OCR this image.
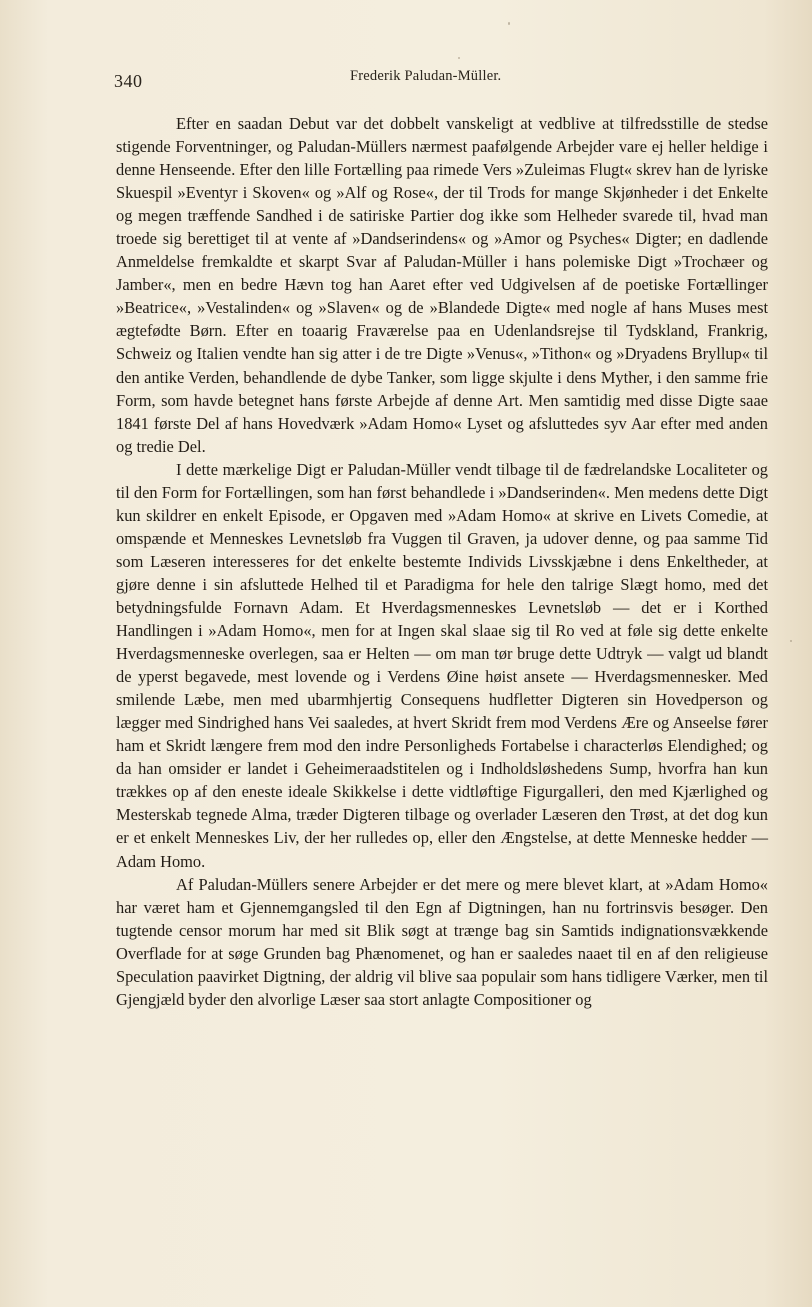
340	Frederik Paludan-Müller.

Efter en saadan Debut var det dobbelt vanskeligt at vedblive at tilfredsstille de stedse stigende Forventninger, og Paludan-Müllers nærmest paafølgende Arbejder vare ej heller heldige i denne Henseende. Efter den lille Fortælling paa rimede Vers »Zuleimas Flugt« skrev han de lyriske Skuespil »Eventyr i Skoven« og »Alf og Rose«, der til Trods for mange Skjønheder i det Enkelte og megen træffende Sandhed i de satiriske Partier dog ikke som Helheder svarede til, hvad man troede sig berettiget til at vente af »Dandserindens« og »Amor og Psyches« Digter; en dadlende Anmeldelse fremkaldte et skarpt Svar af Paludan-Müller i hans polemiske Digt »Trochæer og Jamber«, men en bedre Hævn tog han Aaret efter ved Udgivelsen af de poetiske Fortællinger »Beatrice«, »Vestalinden« og »Slaven« og de »Blandede Digte« med nogle af hans Muses mest ægtefødte Børn. Efter en toaarig Fraværelse paa en Udenlandsrejse til Tydskland, Frankrig, Schweiz og Italien vendte han sig atter i de tre Digte »Venus«, »Tithon« og »Dryadens Bryllup« til den antike Verden, behandlende de dybe Tanker, som ligge skjulte i dens Myther, i den samme frie Form, som havde betegnet hans første Arbejde af denne Art. Men samtidig med disse Digte saae 1841 første Del af hans Hovedværk »Adam Homo« Lyset og afsluttedes syv Aar efter med anden og tredie Del.

I dette mærkelige Digt er Paludan-Müller vendt tilbage til de fædrelandske Localiteter og til den Form for Fortællingen, som han først behandlede i »Dandserinden«. Men medens dette Digt kun skildrer en enkelt Episode, er Opgaven med »Adam Homo« at skrive en Livets Comedie, at omspænde et Menneskes Levnetsløb fra Vuggen til Graven, ja udover denne, og paa samme Tid som Læseren interesseres for det enkelte bestemte Individs Livsskjæbne i dens Enkeltheder, at gjøre denne i sin afsluttede Helhed til et Paradigma for hele den talrige Slægt homo, med det betydningsfulde Fornavn Adam. Et Hverdagsmenneskes Levnetsløb — det er i Korthed Handlingen i »Adam Homo«, men for at Ingen skal slaae sig til Ro ved at føle sig dette enkelte Hverdagsmenneske overlegen, saa er Helten — om man tør bruge dette Udtryk — valgt ud blandt de yperst begavede, mest lovende og i Verdens Øine høist ansete — Hverdagsmennesker. Med smilende Læbe, men med ubarmhjertig Consequens hudfletter Digteren sin Hovedperson og lægger med Sindrighed hans Vei saaledes, at hvert Skridt frem mod Verdens Ære og Anseelse fører ham et Skridt længere frem mod den indre Personligheds Fortabelse i characterløs Elendighed; og da han omsider er landet i Geheimeraadstitelen og i Indholdsløshedens Sump, hvorfra han kun trækkes op af den eneste ideale Skikkelse i dette vidtløftige Figurgalleri, den med Kjærlighed og Mesterskab tegnede Alma, træder Digteren tilbage og overlader Læseren den Trøst, at det dog kun er et enkelt Menneskes Liv, der her rulledes op, eller den Ængstelse, at dette Menneske hedder — Adam Homo.

Af Paludan-Müllers senere Arbejder er det mere og mere blevet klart, at »Adam Homo« har været ham et Gjennemgangsled til den Egn af Digtningen, han nu fortrinsvis besøger. Den tugtende censor morum har med sit Blik søgt at trænge bag sin Samtids indignationsvækkende Overflade for at søge Grunden bag Phænomenet, og han er saaledes naaet til en af den religieuse Speculation paavirket Digtning, der aldrig vil blive saa populair som hans tidligere Værker, men til Gjengjæld byder den alvorlige Læser saa stort anlagte Compositioner og
